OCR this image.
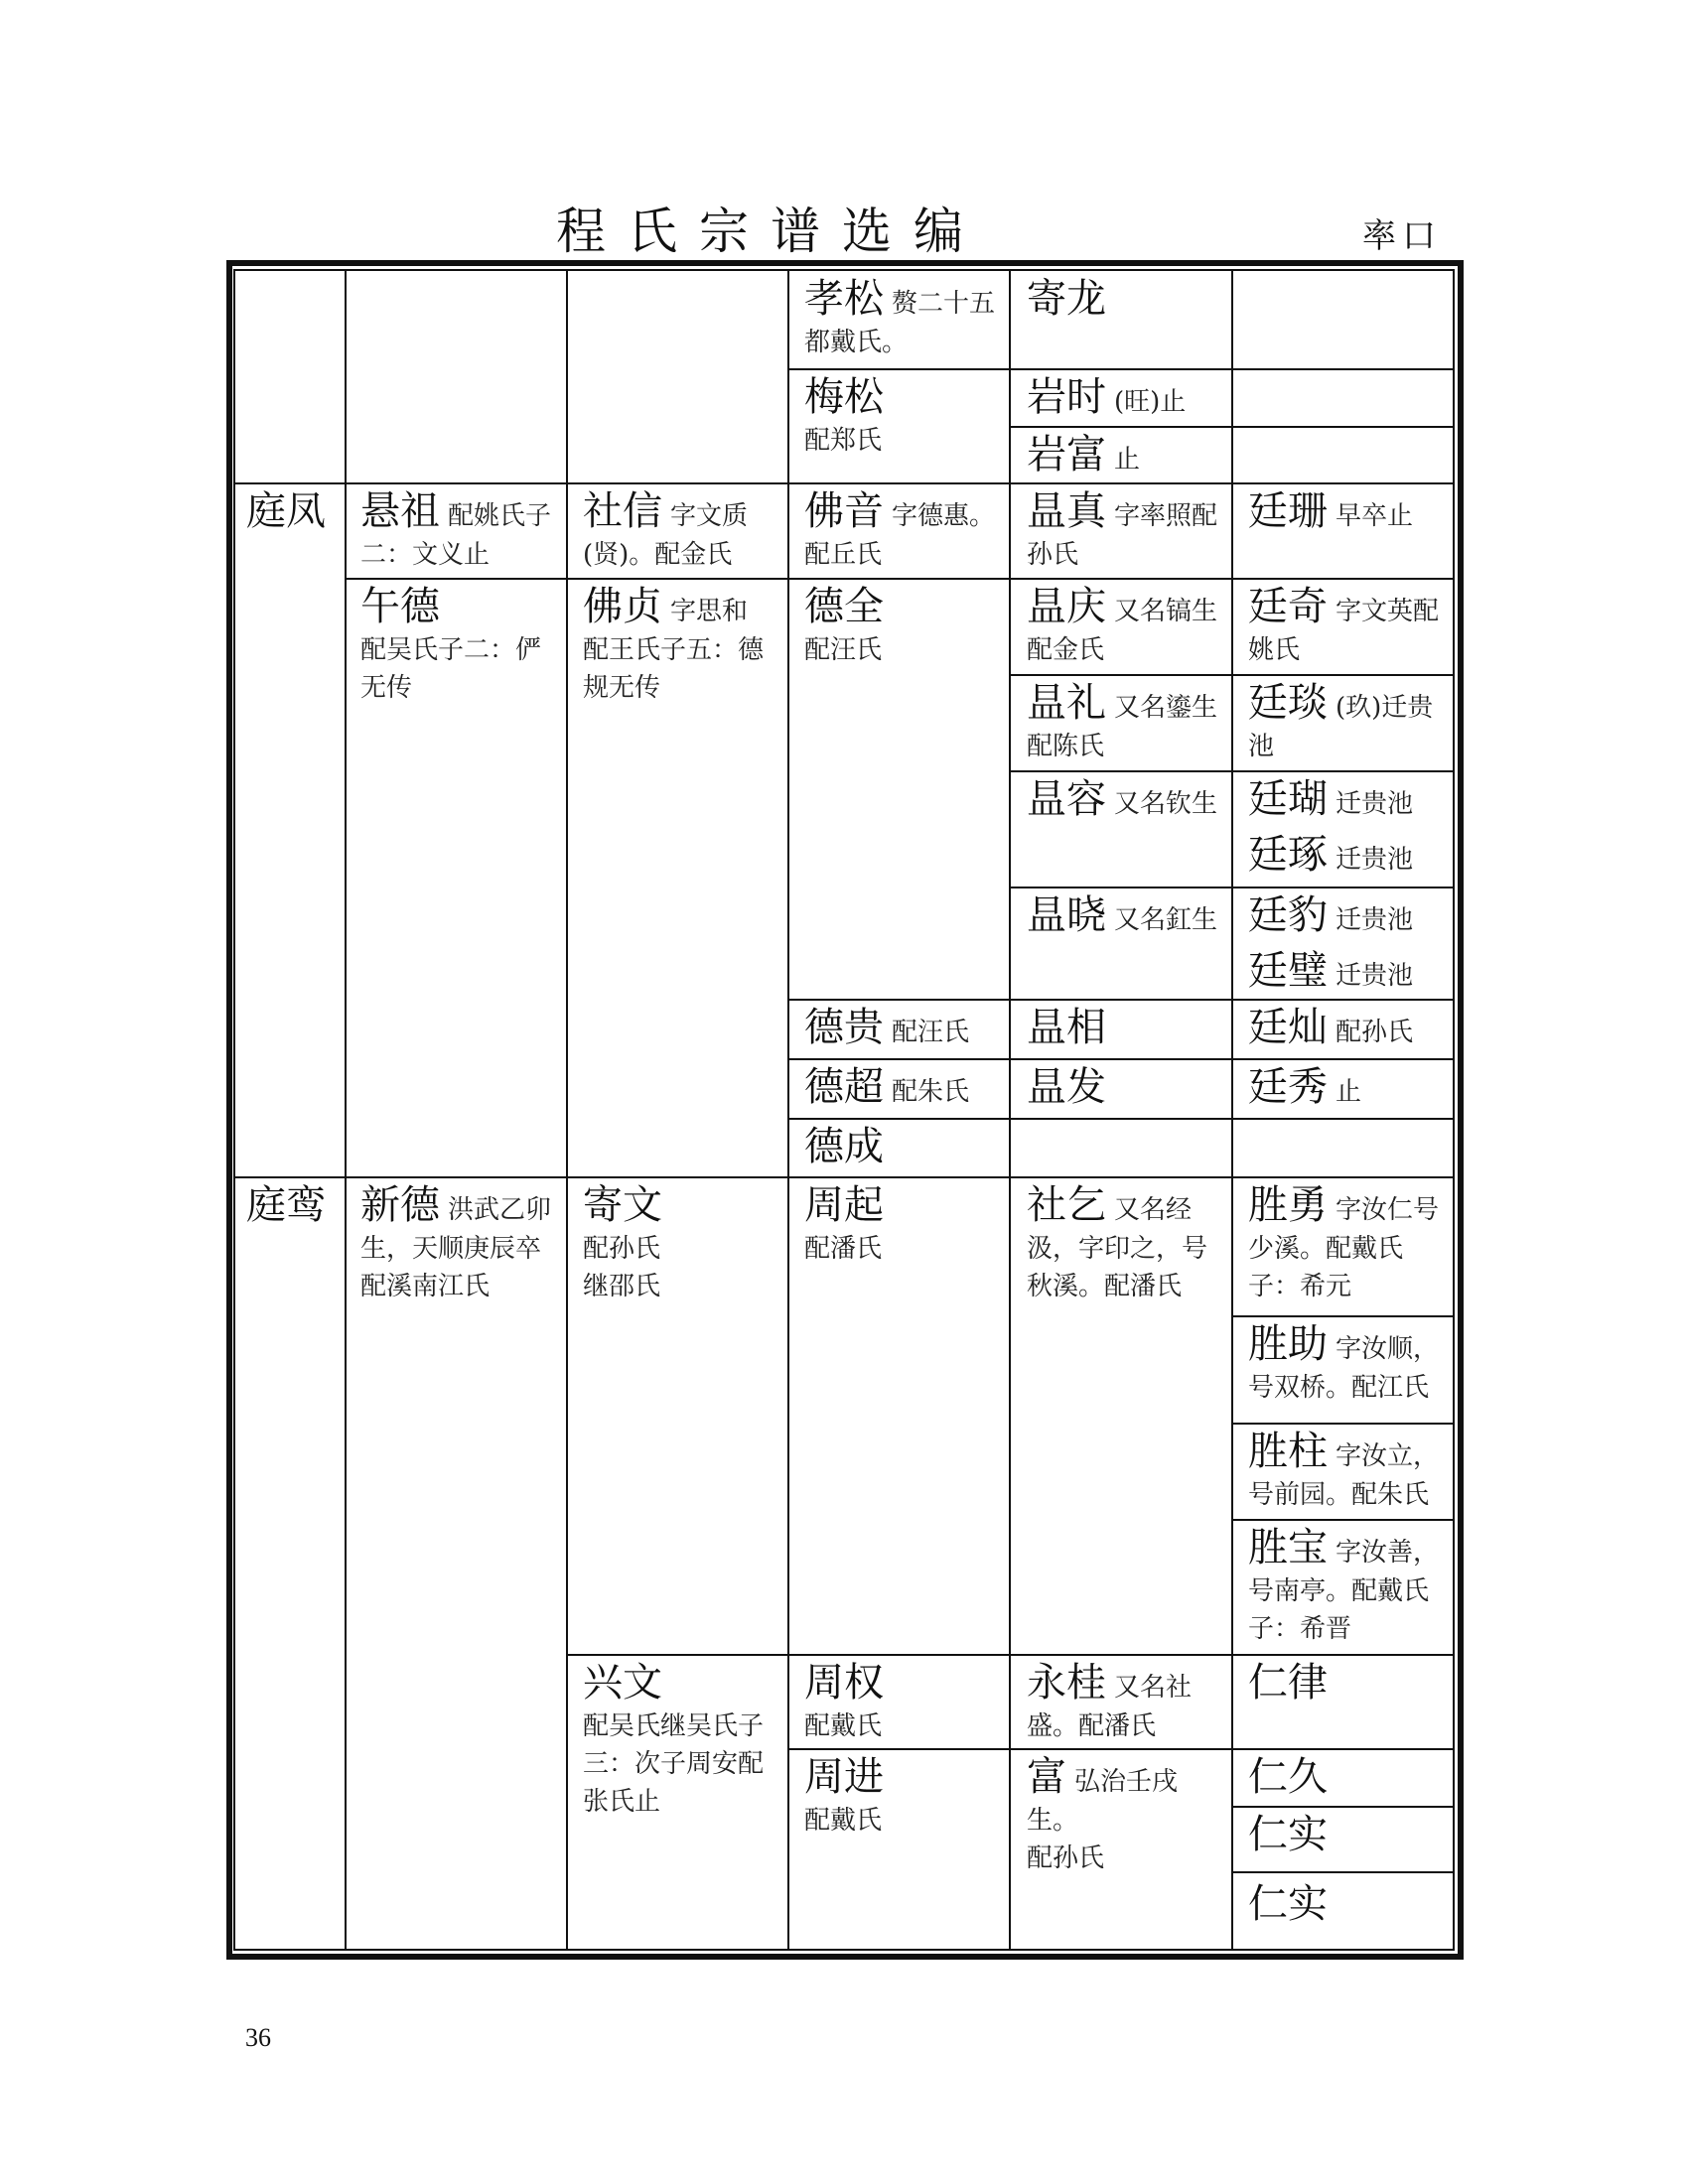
程氏宗谱选编	率口
庭凤
庭鸾
悬祖 配姚氏子二：文义止
午德
配吴氏子二：俨无传
新德 洪武乙卯生，天顺庚辰卒
配溪南江氏
社信 字文质(贤)。配金氏
佛贞 字思和
配王氏子五：德规无传
寄文
配孙氏
继邵氏
兴文
配吴氏继吴氏子三：次子周安配张氏止
孝松 赘二十五都戴氏。
梅松
配郑氏
佛音 字德惠。配丘氏
德全
配汪氏
德贵 配汪氏
德超 配朱氏
德成
周起
配潘氏
周权
配戴氏
周进
配戴氏
寄龙
岩时 (旺)止
岩富 止
昷真 字率照配孙氏
昷庆 又名镐生　配金氏
昷礼 又名鎏生　配陈氏
昷容 又名钦生
昷晓 又名釭生
昷相
昷发
社乞 又名经汲，字印之，号秋溪。配潘氏
永桂 又名社盛。配潘氏
富 弘治壬戌生。
配孙氏
廷珊 早卒止
廷奇 字文英配姚氏
廷琰 (玖)迁贵池
廷瑚 迁贵池
廷琢 迁贵池
廷豹 迁贵池
廷璧 迁贵池
廷灿 配孙氏
廷秀 止
胜勇 字汝仁号少溪。配戴氏子：希元
胜助 字汝顺，号双桥。配江氏
胜柱 字汝立，号前园。配朱氏
胜宝 字汝善，号南亭。配戴氏子：希晋
仁律
仁久
仁实
仁实
36
